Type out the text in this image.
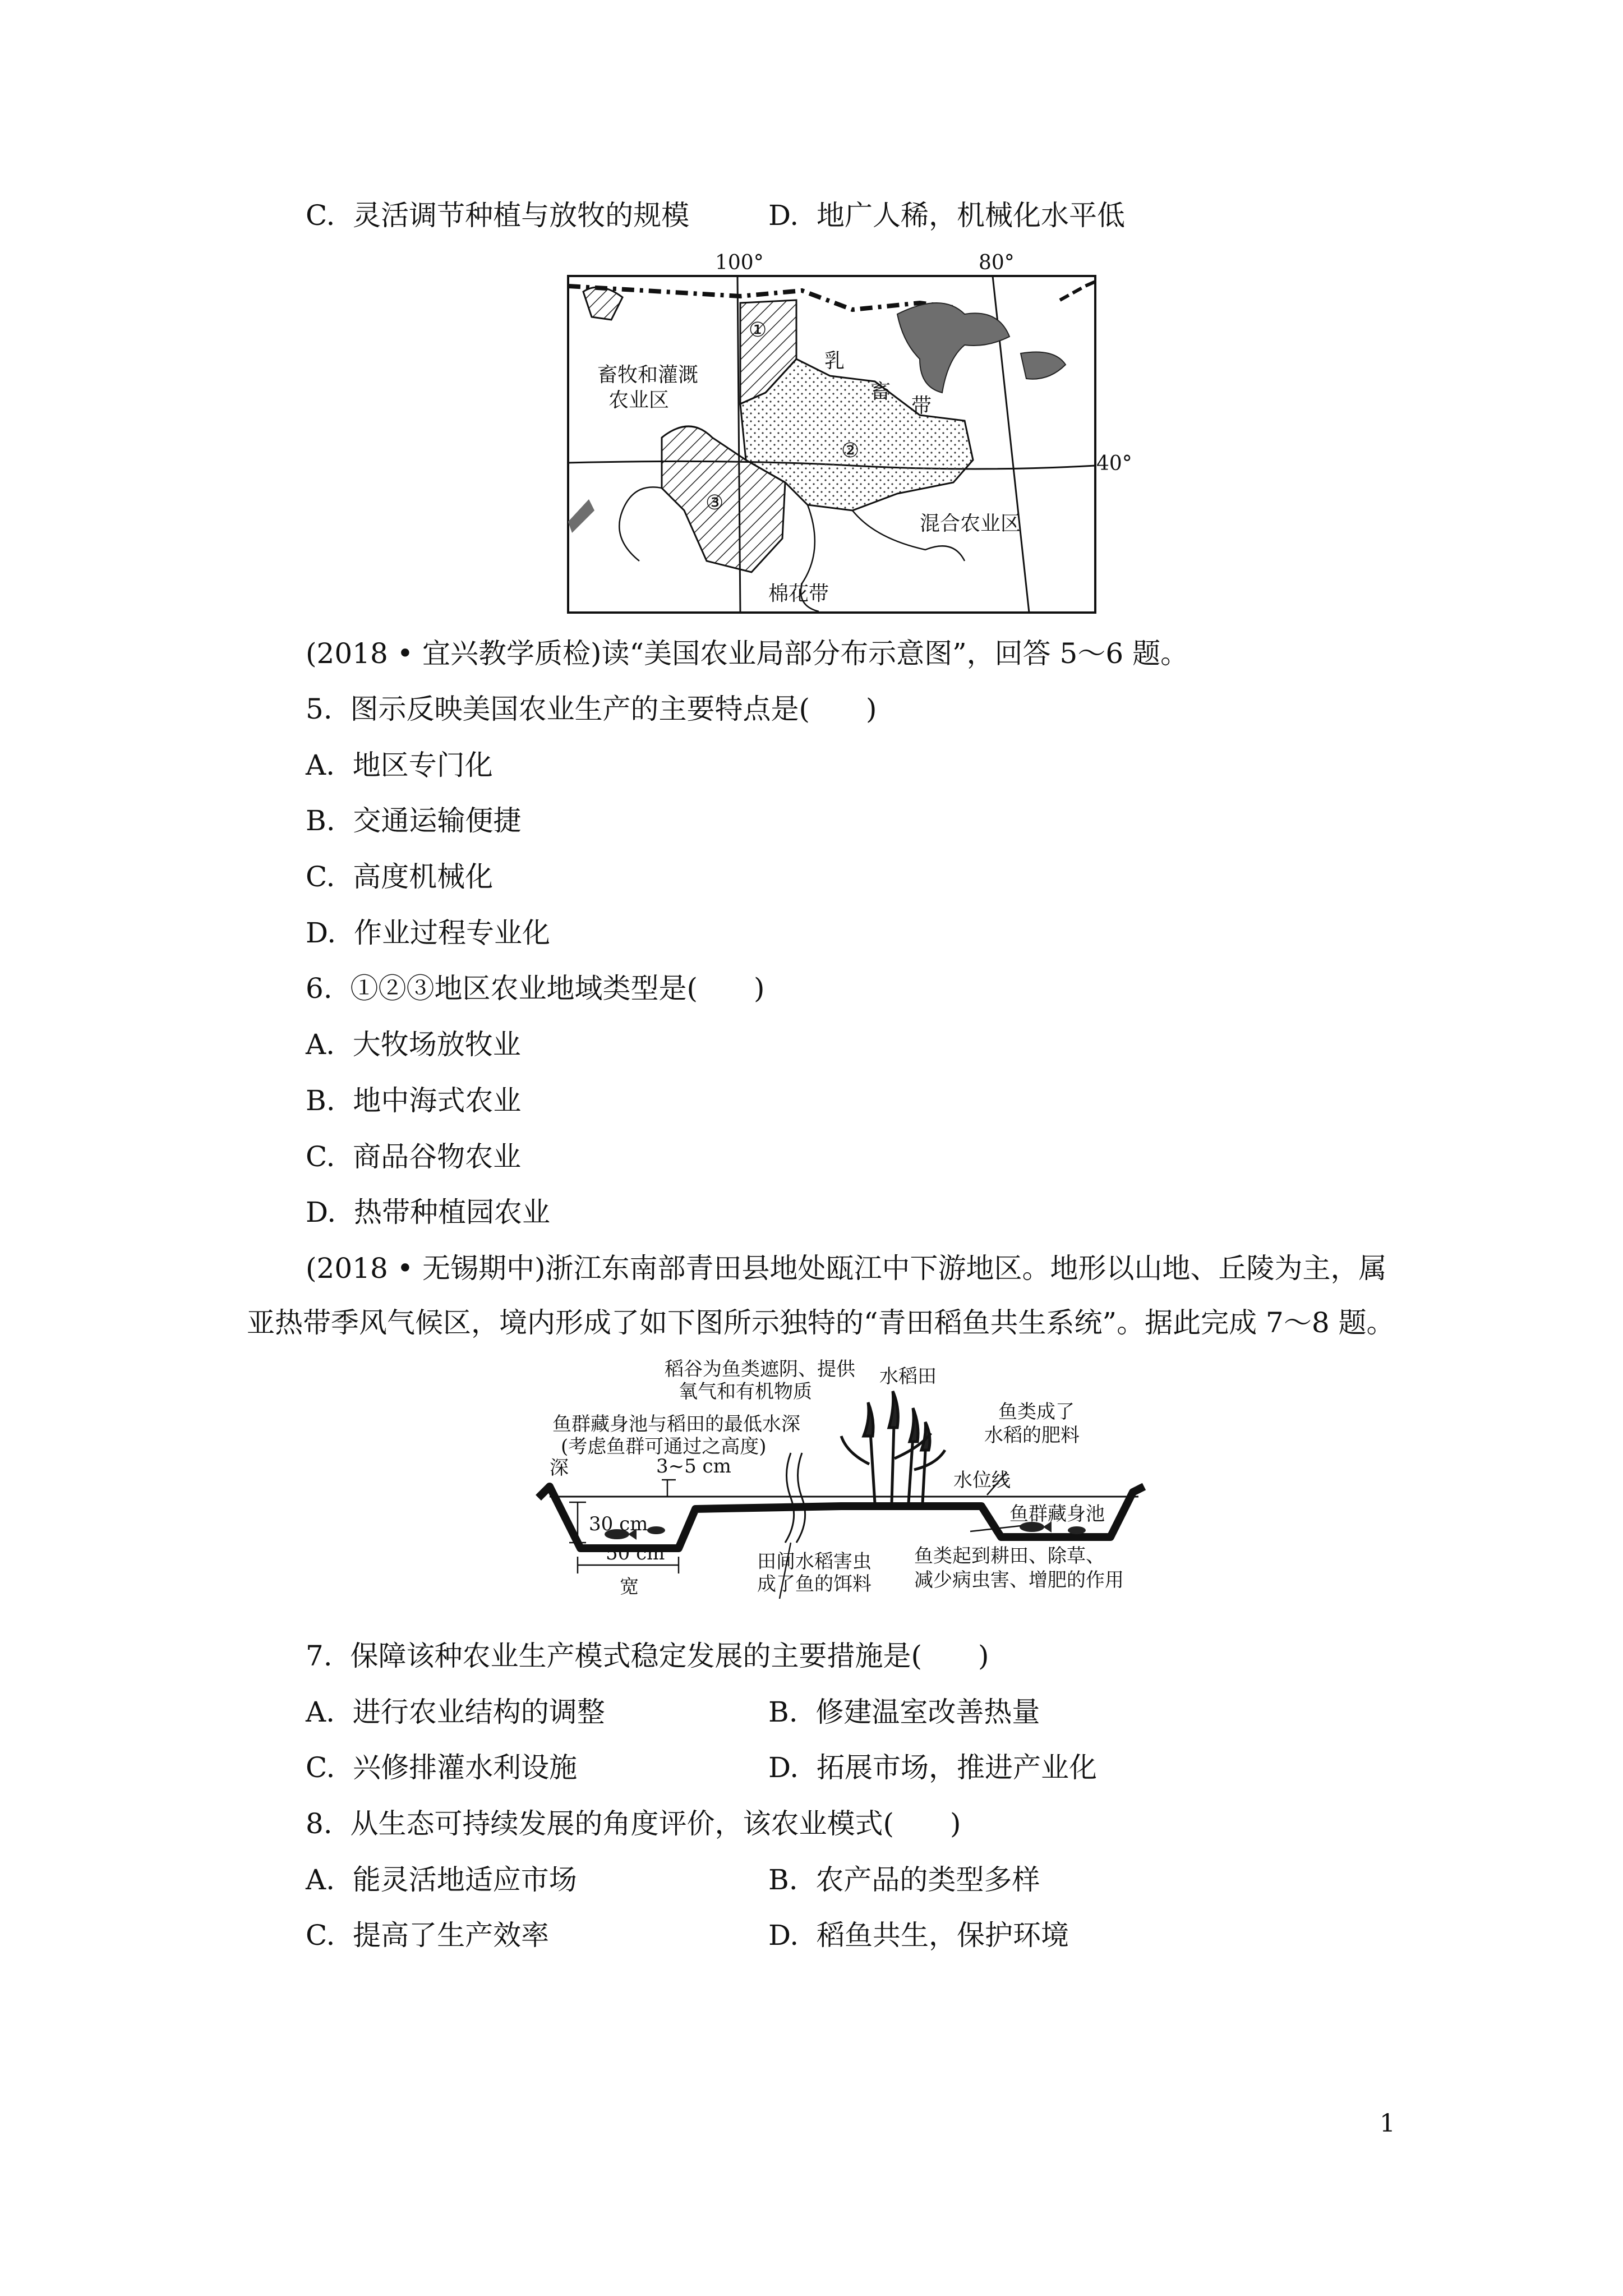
C.  灵活调节种植与放牧的规模	D.  地广人稀，机械化水平低
100°	80°
40°
①
②
③
畜牧和灌溉
农业区
乳
畜
带
混合农业区
棉花带
(2018 • 宜兴教学质检)读“美国农业局部分布示意图”，回答 5～6 题。
5.  图示反映美国农业生产的主要特点是(　　)
A.  地区专门化
B.  交通运输便捷
C.  高度机械化
D.  作业过程专业化
6.  ①②③地区农业地域类型是(　　)
A.  大牧场放牧业
B.  地中海式农业
C.  商品谷物农业
D.  热带种植园农业
(2018 • 无锡期中)浙江东南部青田县地处瓯江中下游地区。地形以山地、丘陵为主，属
亚热带季风气候区，境内形成了如下图所示独特的“青田稻鱼共生系统”。据此完成 7～8 题。
稻谷为鱼类遮阴、提供
氧气和有机物质
水稻田
鱼群藏身池与稻田的最低水深
(考虑鱼群可通过之高度)
3~5 cm
深
30 cm
50 cm
宽
鱼类成了
水稻的肥料
水位线
鱼群藏身池
田间水稻害虫
成了鱼的饵料
鱼类起到耕田、除草、
减少病虫害、增肥的作用
7.  保障该种农业生产模式稳定发展的主要措施是(　　)
A.  进行农业结构的调整	B.  修建温室改善热量
C.  兴修排灌水利设施	D.  拓展市场，推进产业化
8.  从生态可持续发展的角度评价，该农业模式(　　)
A.  能灵活地适应市场	B.  农产品的类型多样
C.  提高了生产效率	D.  稻鱼共生，保护环境
1
